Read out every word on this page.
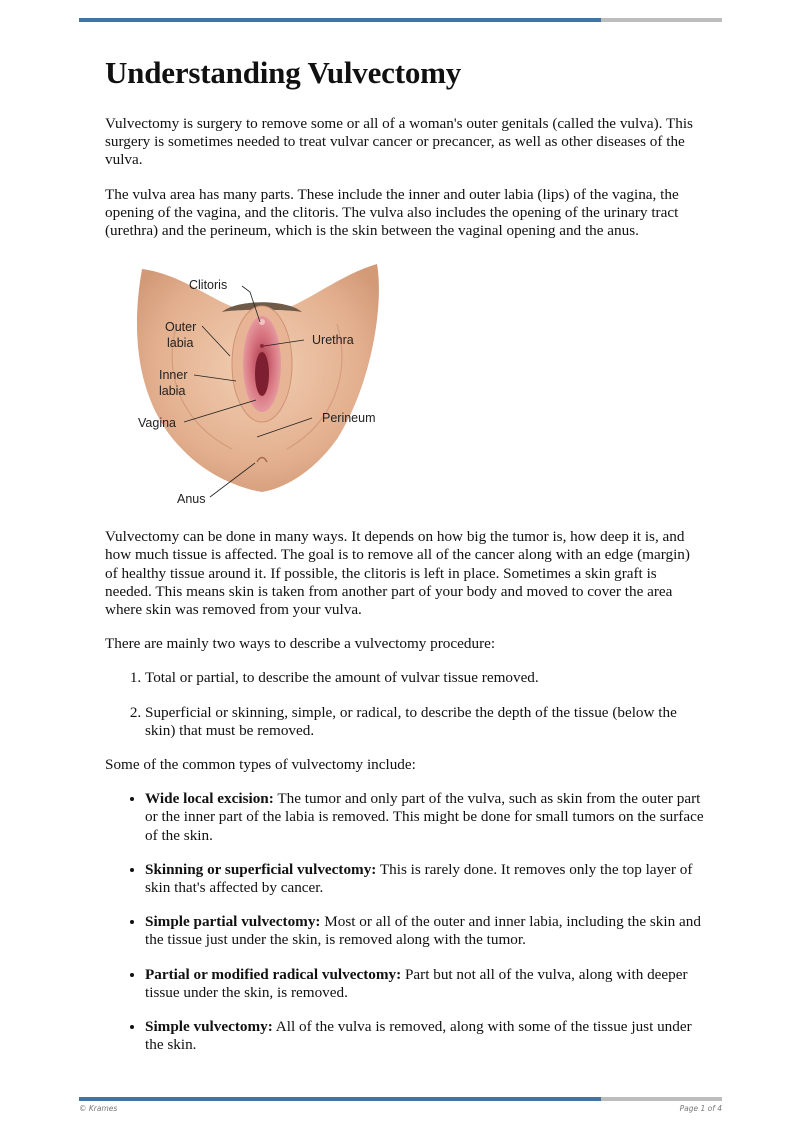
Understanding Vulvectomy

Vulvectomy is surgery to remove some or all of a woman's outer genitals (called the vulva). This surgery is sometimes needed to treat vulvar cancer or precancer, as well as other diseases of the vulva.

The vulva area has many parts. These include the inner and outer labia (lips) of the vagina, the opening of the vagina, and the clitoris. The vulva also includes the opening of the urinary tract (urethra) and the perineum, which is the skin between the vaginal opening and the anus.

Clitoris
Outer
labia
Inner
labia
Vagina
Urethra
Perineum
Anus

Vulvectomy can be done in many ways. It depends on how big the tumor is, how deep it is, and how much tissue is affected. The goal is to remove all of the cancer along with an edge (margin) of healthy tissue around it. If possible, the clitoris is left in place. Sometimes a skin graft is needed. This means skin is taken from another part of your body and moved to cover the area where skin was removed from your vulva.

There are mainly two ways to describe a vulvectomy procedure:

1. Total or partial, to describe the amount of vulvar tissue removed.
2. Superficial or skinning, simple, or radical, to describe the depth of the tissue (below the skin) that must be removed.

Some of the common types of vulvectomy include:

• Wide local excision: The tumor and only part of the vulva, such as skin from the outer part or the inner part of the labia is removed. This might be done for small tumors on the surface of the skin.
• Skinning or superficial vulvectomy: This is rarely done. It removes only the top layer of skin that's affected by cancer.
• Simple partial vulvectomy: Most or all of the outer and inner labia, including the skin and the tissue just under the skin, is removed along with the tumor.
• Partial or modified radical vulvectomy: Part but not all of the vulva, along with deeper tissue under the skin, is removed.
• Simple vulvectomy: All of the vulva is removed, along with some of the tissue just under the skin.
© Krames	Page 1 of 4
